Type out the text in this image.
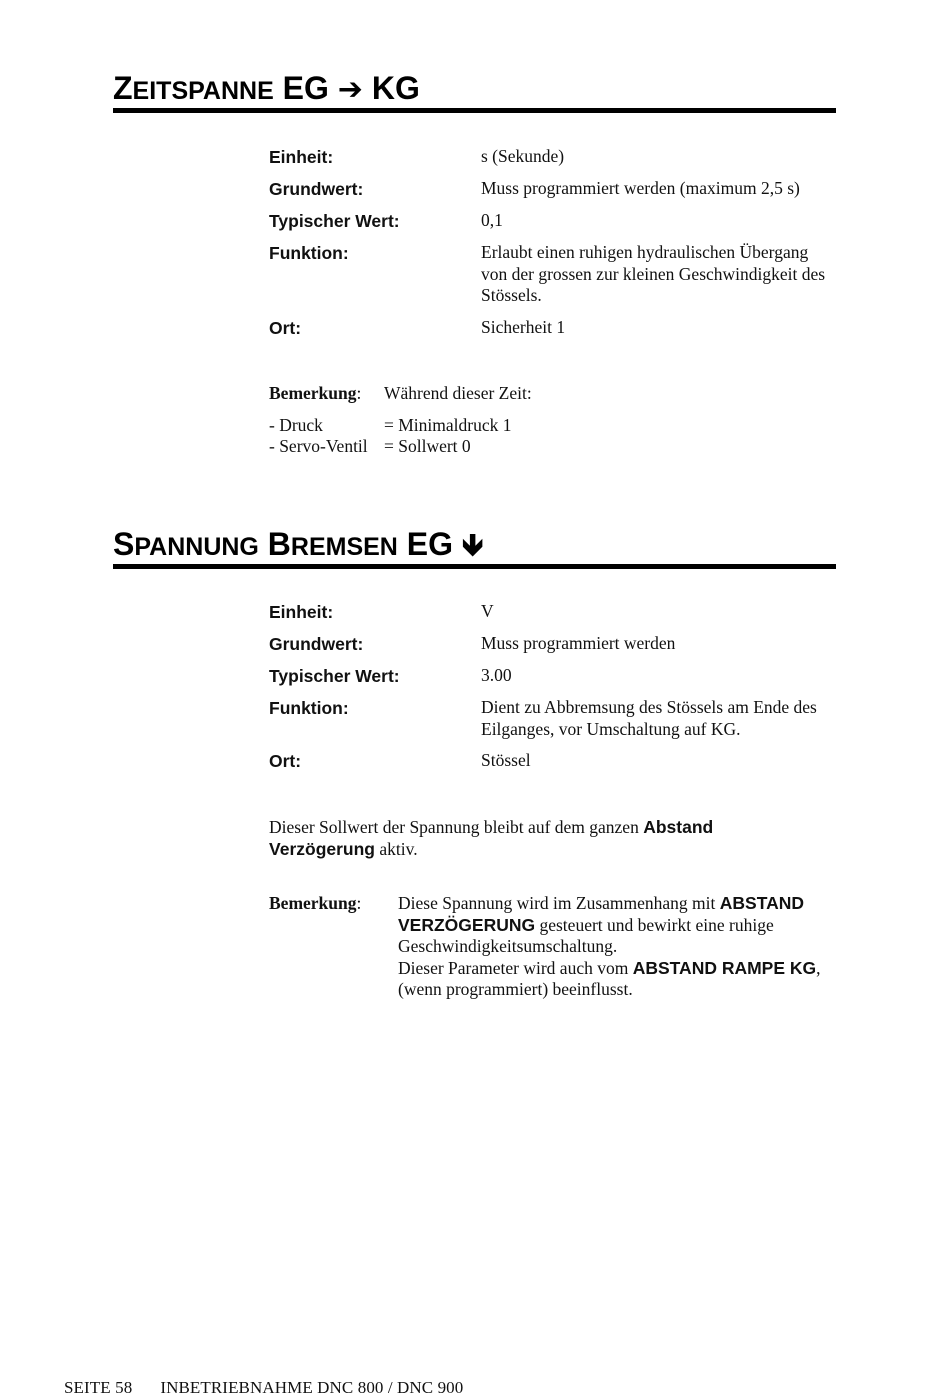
ZEITSPANNE EG ➔ KG
Einheit:	s (Sekunde)
Grundwert:	Muss programmiert werden (maximum 2,5 s)
Typischer Wert:	0,1
Funktion:	Erlaubt einen ruhigen hydraulischen Übergang von der grossen zur kleinen Geschwindigkeit des Stössels.
Ort:	Sicherheit 1
Bemerkung:	Während dieser Zeit:
- Druck	= Minimaldruck 1
- Servo-Ventil = Sollwert 0
SPANNUNG BREMSEN EG 🡻
Einheit:	V
Grundwert:	Muss programmiert werden
Typischer Wert:	3.00
Funktion:	Dient zu Abbremsung des Stössels am Ende des Eilganges, vor Umschaltung auf KG.
Ort:	Stössel
Dieser Sollwert der Spannung bleibt auf dem ganzen Abstand Verzögerung aktiv.
Bemerkung:	Diese Spannung wird im Zusammenhang mit ABSTAND VERZÖGERUNG gesteuert und bewirkt eine ruhige Geschwindigkeitsumschaltung.
Dieser Parameter wird auch vom ABSTAND RAMPE KG, (wenn programmiert) beeinflusst.
SEITE 58 INBETRIEBNAHME DNC 800 / DNC 900
